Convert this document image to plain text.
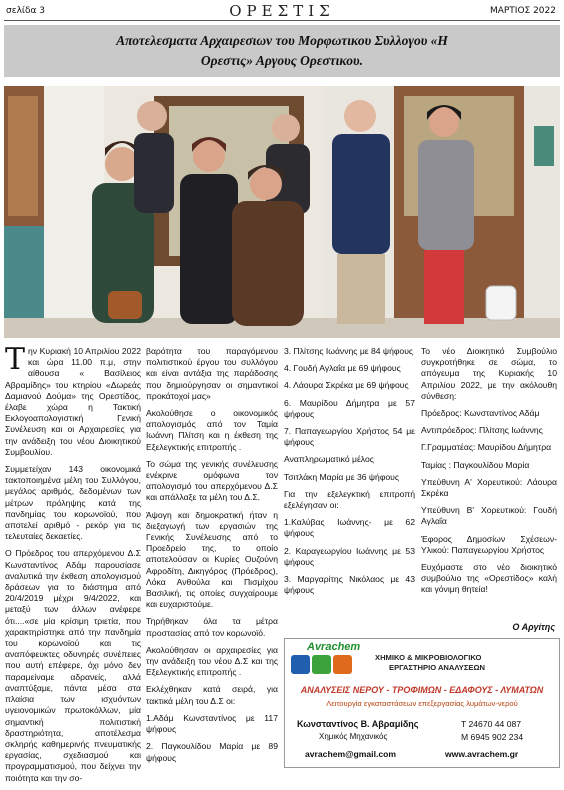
σελίδα 3	ΟΡΕΣΤΙΣ	ΜΑΡΤΙΟΣ 2022
Αποτελεσματα Αρχαιρεσιων του Μορφωτικου Συλλογου «Η
Ορεστις» Αργους Ορεστικου.

Την Κυριακή 10 Απριλίου 2022 και ώρα 11.00 π.μ, στην αίθουσα « Βασίλειος Αβραμίδης» του κτηρίου «Δωρεάς Δαμιανού Δούμα» της Ορεστίδος, έλαβε χώρα η Τακτική Εκλογοαπολογιστική Γενική Συνέλευση και οι Αρχαιρεσίες για την ανάδειξη του νέου Διοικητικού Συμβουλίου.

Συμμετείχαν 143 οικονομικά τακτοποιημένα μέλη του Συλλόγου, μεγάλος αριθμός, δεδομένων των μέτρων πρόληψης κατά της πανδημίας του κορωνοϊού, που αποτελεί αριθμό - ρεκόρ για τις τελευταίες δεκαετίες.

Ο Πρόεδρος του απερχόμενου Δ.Σ Κωνσταντίνος Αδάμ παρουσίασε αναλυτικά την έκθεση απολογισμού δράσεων για το διάστημα από 20/4/2019 μέχρι 9/4/2022, και μεταξύ των άλλων ανέφερε ότι....«σε μία κρίσιμη τριετία, που χαρακτηρίστηκε από την πανδημία του κορωνοϊού και τις αναπόφευκτες οδυνηρές συνέπειες που αυτή επέφερε, όχι μόνο δεν παραμείναμε αδρανείς, αλλά αναπτύξαμε, πάντα μέσα στα πλαίσια των ισχυόντων υγειονομικών πρωτοκόλλων, μία σημαντική πολιτιστική δραστηριότητα, αποτέλεσμα σκληρής καθημερινής πνευματικής εργασίας, σχεδιασμού και προγραμματισμού, που δείχνει την ποιότητα και την σο-

βαρότητα του παραγόμενου πολιτιστικού έργου του συλλόγου και είναι αντάξια της παράδοσης που δημιούργησαν οι σημαντικοί προκάτοχοί μας»

Ακολούθησε ο οικονομικός απολογισμός από τον Ταμία Ιωάννη Πλίτση και η έκθεση της Εξελεγκτικής επιτροπής .

Το σώμα της γενικής συνέλευσης ενέκρινε ομόφωνα τον απολογισμό του απερχόμενου Δ.Σ και απάλλαξε τα μέλη του Δ.Σ.

Άψογη και δημοκρατική ήταν η διεξαγωγή των εργασιών της Γενικής Συνέλευσης από το Προεδρείο της, το οποίο αποτελούσαν οι Κυρίες Ουζούνη Αφροδίτη, Δικηγόρος (Πρόεδρος), Λόκα Ανθούλα και Πισμίχου Βασιλική, τις οποίες συγχαίρουμε και ευχαριστούμε.

Τηρήθηκαν όλα τα μέτρα προστασίας από τον κορωνοϊό.

Ακολούθησαν οι αρχαιρεσίες για την ανάδειξη του νέου Δ.Σ και της Εξελεγκτικής επιτροπής .

Εκλέχθηκαν κατά σειρά, για τακτικά μέλη του Δ.Σ οι:

1.Αδάμ Κωνσταντίνος με 117 ψήφους

2. Παγκουλίδου Μαρία με 89 ψήφους

3. Πλίτσης Ιωάννης με 84 ψήφους

4. Γουδή Αγλαΐα με 69 ψήφους

4. Λάουρα Σκρέκα με 69 ψήφους

6. Μαυρίδου Δήμητρα με 57 ψήφους

7. Παπαγεωργίου Χρήστος 54 με ψήφους

Αναπληρωματικό μέλος

Τσιτλάκη Μαρία με 36 ψήφους

Για την εξελεγκτική επιτροπή εξελέγησαν οι:

1.Καλύβας Ιωάννης- με 62 ψήφους

2. Καραγεωργίου Ιωάννης με 53 ψήφους

3. Μαργαρίτης Νικόλαος με 43 ψήφους

Το νέο Διοικητικό Συμβούλιο συγκροτήθηκε σε σώμα, το απόγευμα της Κυριακής 10 Απριλίου 2022, με την ακόλουθη σύνθεση:

Πρόεδρος: Κωνσταντίνος Αδάμ

Αντιπρόεδρος: Πλίτσης Ιωάννης

Γ.Γραμματέας: Μαυρίδου Δήμητρα

Ταμίας : Παγκουλίδου Μαρία

Υπεύθυνη Α' Χορευτικού: Λάουρα Σκρέκα

Υπεύθυνη Β' Χορευτικού: Γουδή Αγλαΐα

Έφορος Δημοσίων Σχέσεων-Υλικού: Παπαγεωργίου Χρήστος

Ευχόμαστε στο νέο διοικητικό συμβούλιο της «Ορεστίδος» καλή και γόνιμη θητεία!

Ο Αργίτης
Avrachem
ΧΗΜΙΚΟ & ΜΙΚΡΟΒΙΟΛΟΓΙΚΟ
ΕΡΓΑΣΤΗΡΙΟ ΑΝΑΛΥΣΕΩΝ
ΑΝΑΛΥΣΕΙΣ ΝΕΡΟΥ - ΤΡΟΦΙΜΩΝ - ΕΔΑΦΟΥΣ - ΛΥΜΑΤΩΝ
Λειτουργία εγκαταστάσεων επεξεργασίας λυμάτων-νερού
Κωνσταντίνος Β. Αβραμίδης
Χημικός Μηχανικός
Τ 24670 44 087
Μ 6945 902 234
avrachem@gmail.com	www.avrachem.gr
